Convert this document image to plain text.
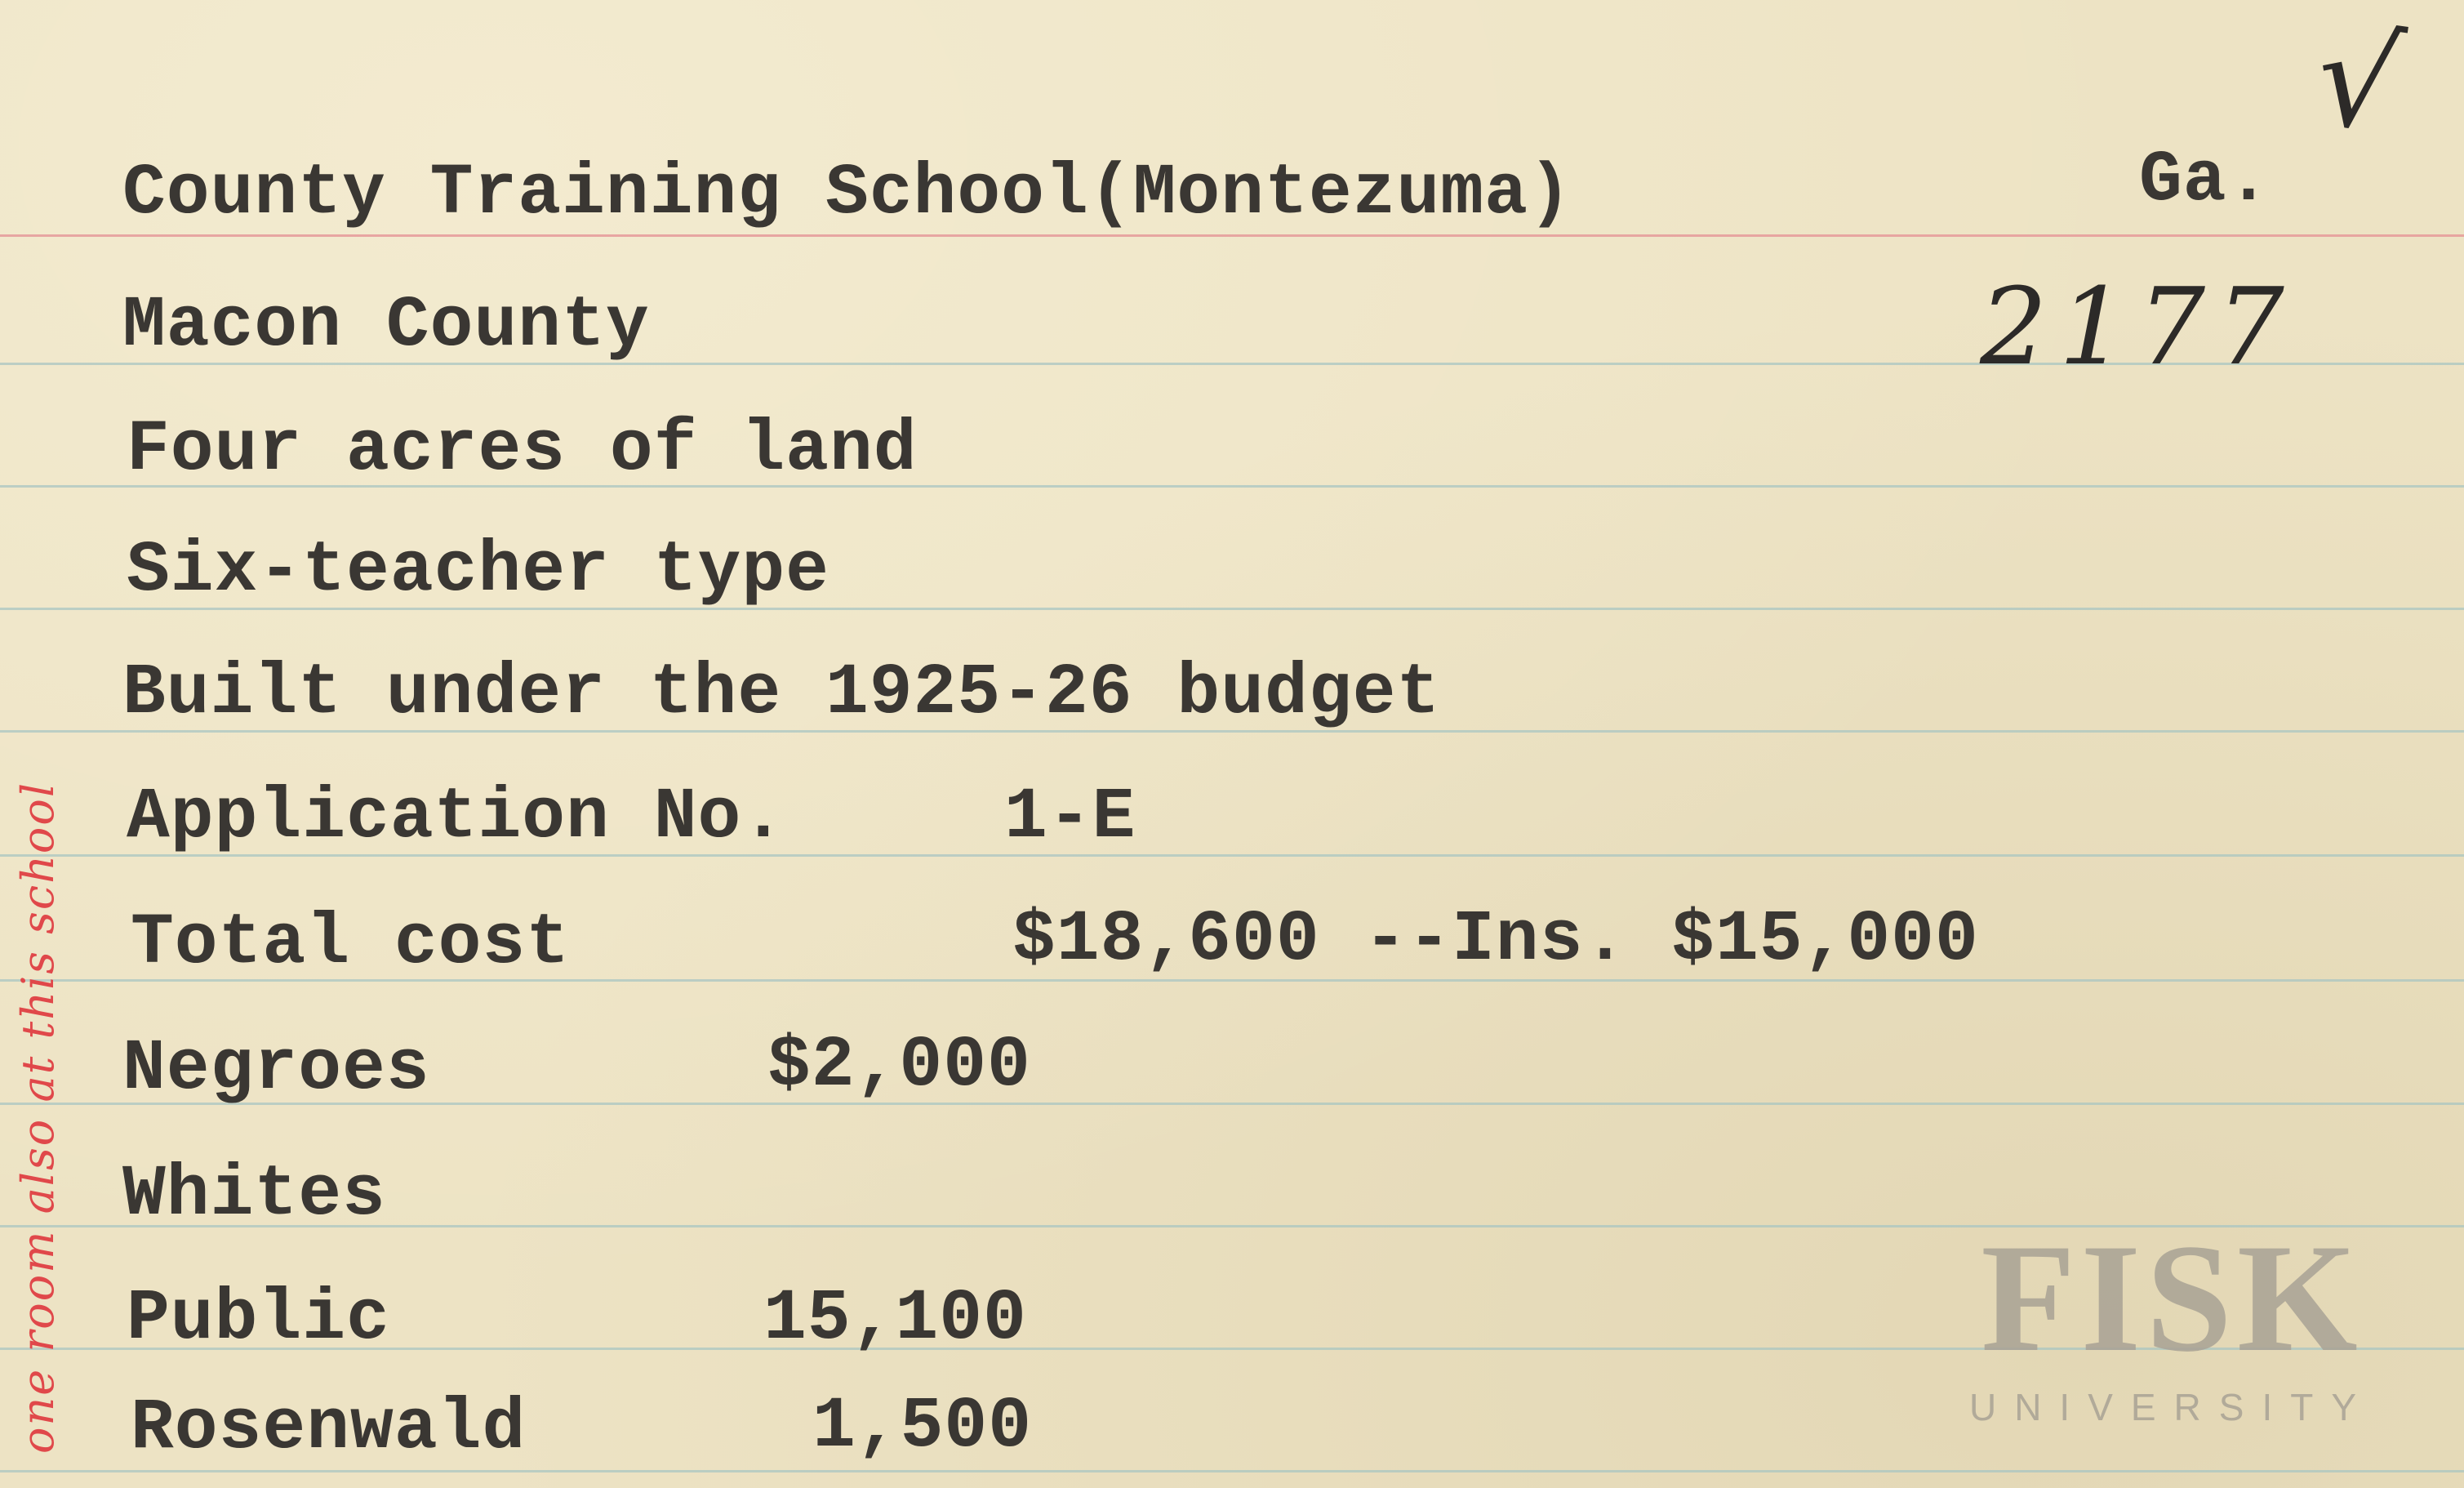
one room also at this school
√
County Training School(Montezuma)	Ga.
2177
Macon County
Four acres of land
Six-teacher type
Built under the 1925-26 budget
Application No.	1-E
Total cost	$18,600 --Ins. $15,000
Negroes	$2,000
Whites
Public	15,100
Rosenwald	1,500
FISK
UNIVERSITY
